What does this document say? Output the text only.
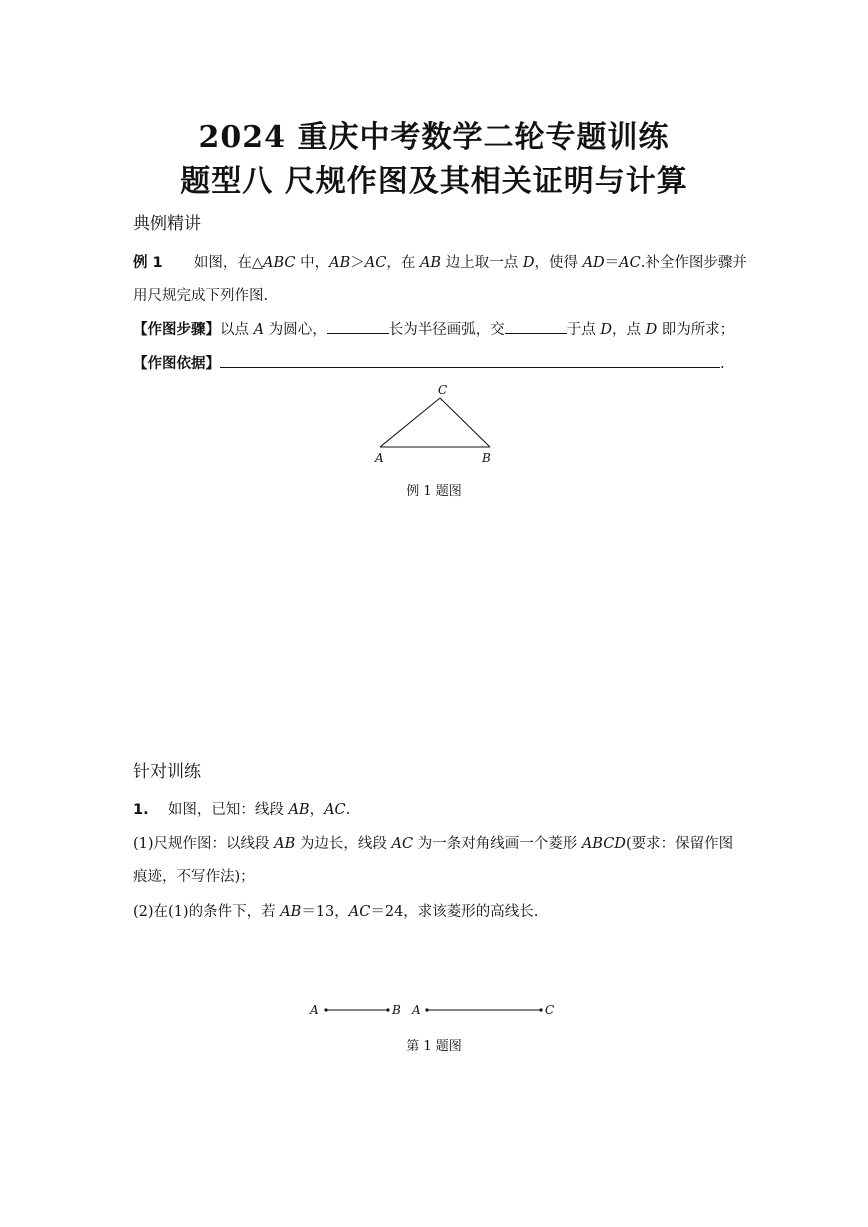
2024 重庆中考数学二轮专题训练
题型八 尺规作图及其相关证明与计算
典例精讲
例 1 如图，在△ABC 中，AB＞AC，在 AB 边上取一点 D，使得 AD＝AC.补全作图步骤并
用尺规完成下列作图.
【作图步骤】以点 A 为圆心，	长为半径画弧，交	于点 D，点 D 即为所求；
【作图依据】	.
C
A	B
例 1 题图
针对训练
1. 如图，已知：线段 AB，AC.
(1)尺规作图：以线段 AB 为边长，线段 AC 为一条对角线画一个菱形 ABCD(要求：保留作图
痕迹，不写作法)；
(2)在(1)的条件下，若 AB＝13，AC＝24，求该菱形的高线长.
A	B A	C
第 1 题图
